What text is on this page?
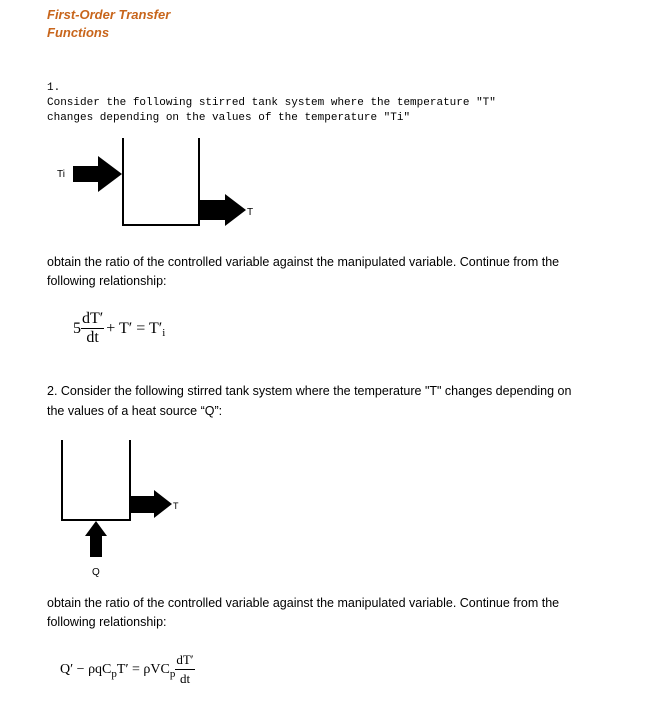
First-Order Transfer
Functions
1.
Consider the following stirred tank system where the temperature "T"
changes depending on the values of the temperature "Ti"
Ti
T
obtain the ratio of the controlled variable against the manipulated variable. Continue from the
following relationship:
$5 \frac{dT'}{dt} + T' = T'_i$
2. Consider the following stirred tank system where the temperature "T" changes depending on
the values of a heat source “Q”:
T
Q
obtain the ratio of the controlled variable against the manipulated variable. Continue from the
following relationship:
Q′ − ρqC$_p$ $T' = \rho VC_p \frac{dT'}{dt}$
